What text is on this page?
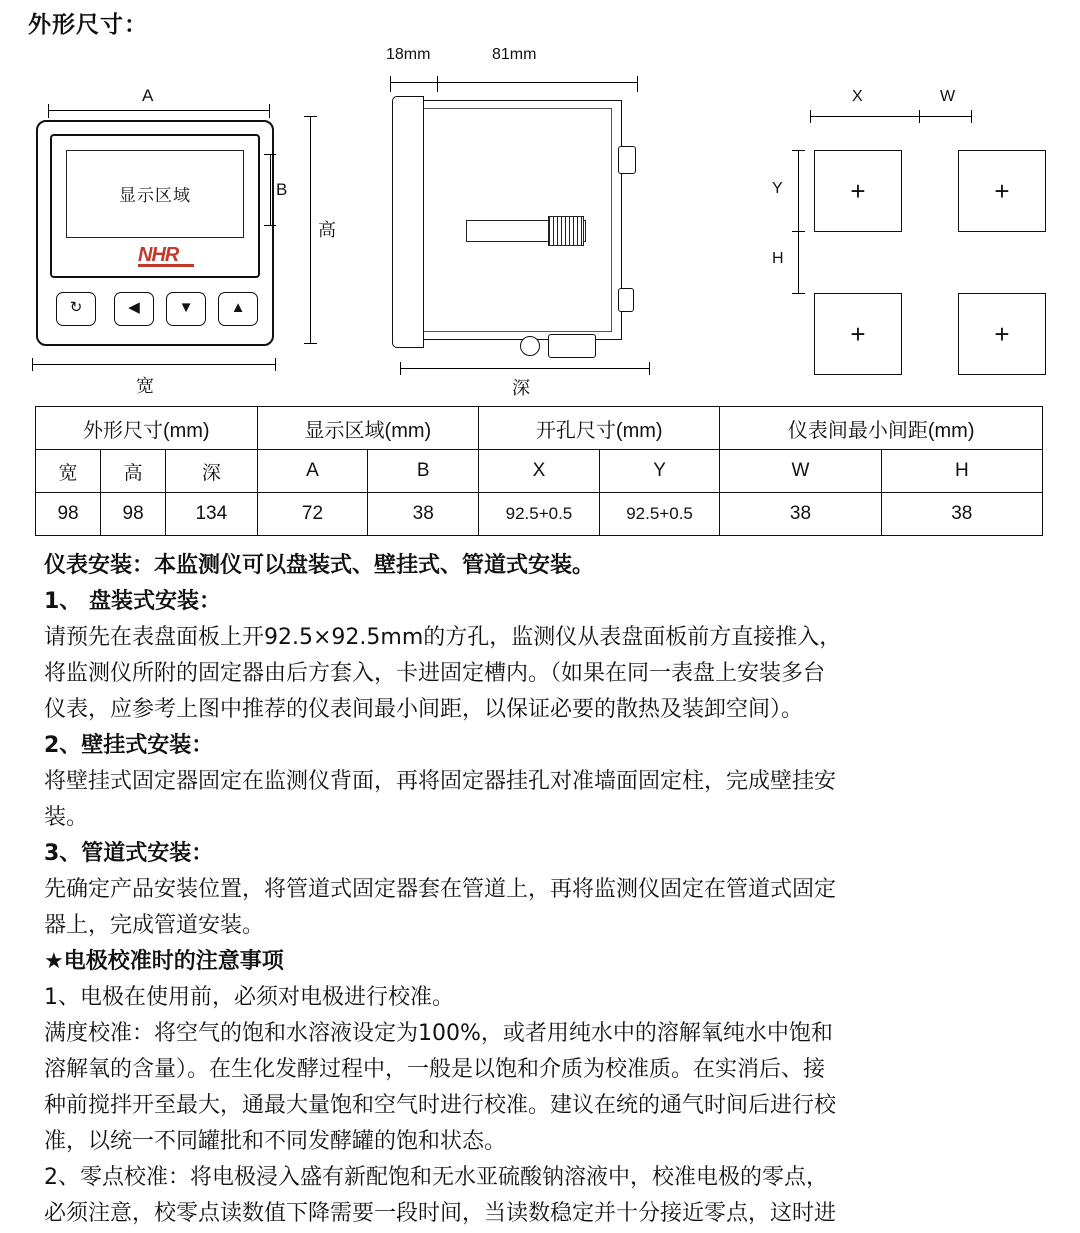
外形尺寸：
A
显示区域
NHR
↻	◀	▼	▲
B
高
宽
18mm	81mm
深
X	W
Y
H
+	+
+	+
外形尺寸(mm)			显示区域(mm)		开孔尺寸(mm)		仪表间最小间距(mm)	
宽	高	深	A	B	X	Y	W	H
98	98	134	72	38	92.5+0.5	92.5+0.5	38	38

仪表安装：本监测仪可以盘装式、壁挂式、管道式安装。

1、 盘装式安装：

请预先在表盘面板上开92.5×92.5mm的方孔，监测仪从表盘面板前方直接推入，

将监测仪所附的固定器由后方套入，卡进固定槽内。（如果在同一表盘上安装多台

仪表，应参考上图中推荐的仪表间最小间距，以保证必要的散热及装卸空间）。

2、壁挂式安装：

将壁挂式固定器固定在监测仪背面，再将固定器挂孔对准墙面固定柱，完成壁挂安

装。

3、管道式安装：

先确定产品安装位置，将管道式固定器套在管道上，再将监测仪固定在管道式固定

器上，完成管道安装。

★电极校准时的注意事项

1、电极在使用前，必须对电极进行校准。

满度校准：将空气的饱和水溶液设定为100%，或者用纯水中的溶解氧纯水中饱和

溶解氧的含量）。在生化发酵过程中，一般是以饱和介质为校准质。在实消后、接

种前搅拌开至最大，通最大量饱和空气时进行校准。建议在统的通气时间后进行校

准，以统一不同罐批和不同发酵罐的饱和状态。

2、零点校准：将电极浸入盛有新配饱和无水亚硫酸钠溶液中，校准电极的零点，

必须注意，校零点读数值下降需要一段时间，当读数稳定并十分接近零点，这时进
